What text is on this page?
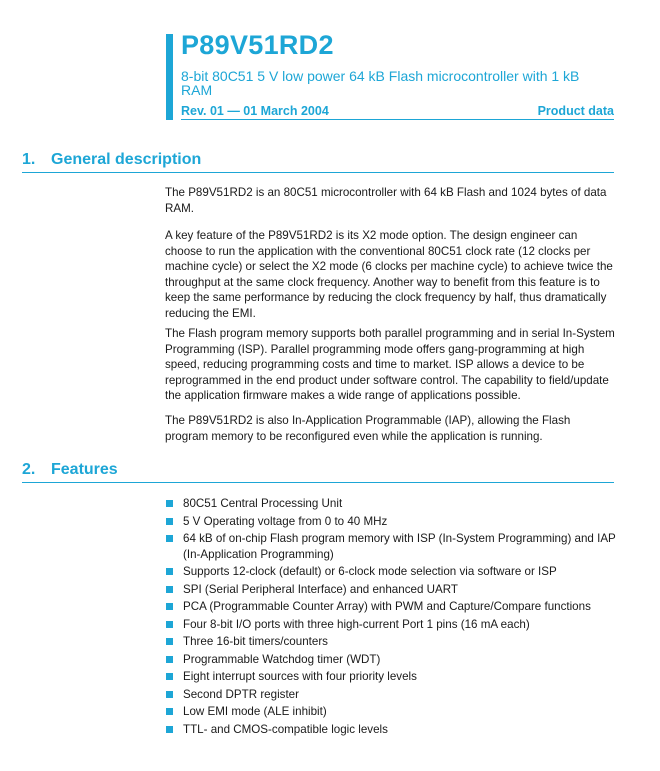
P89V51RD2
8-bit 80C51 5 V low power 64 kB Flash microcontroller with 1 kB RAM
Rev. 01 — 01 March 2004	Product data
1. General description

The P89V51RD2 is an 80C51 microcontroller with 64 kB Flash and 1024 bytes of data RAM.

A key feature of the P89V51RD2 is its X2 mode option. The design engineer can choose to run the application with the conventional 80C51 clock rate (12 clocks per machine cycle) or select the X2 mode (6 clocks per machine cycle) to achieve twice the throughput at the same clock frequency. Another way to benefit from this feature is to keep the same performance by reducing the clock frequency by half, thus dramatically reducing the EMI.

The Flash program memory supports both parallel programming and in serial In-System Programming (ISP). Parallel programming mode offers gang-programming at high speed, reducing programming costs and time to market. ISP allows a device to be reprogrammed in the end product under software control. The capability to field/update the application firmware makes a wide range of applications possible.

The P89V51RD2 is also In-Application Programmable (IAP), allowing the Flash program memory to be reconfigured even while the application is running.

2. Features
80C51 Central Processing Unit
5 V Operating voltage from 0 to 40 MHz
64 kB of on-chip Flash program memory with ISP (In-System Programming) and IAP (In-Application Programming)
Supports 12-clock (default) or 6-clock mode selection via software or ISP
SPI (Serial Peripheral Interface) and enhanced UART
PCA (Programmable Counter Array) with PWM and Capture/Compare functions
Four 8-bit I/O ports with three high-current Port 1 pins (16 mA each)
Three 16-bit timers/counters
Programmable Watchdog timer (WDT)
Eight interrupt sources with four priority levels
Second DPTR register
Low EMI mode (ALE inhibit)
TTL- and CMOS-compatible logic levels
